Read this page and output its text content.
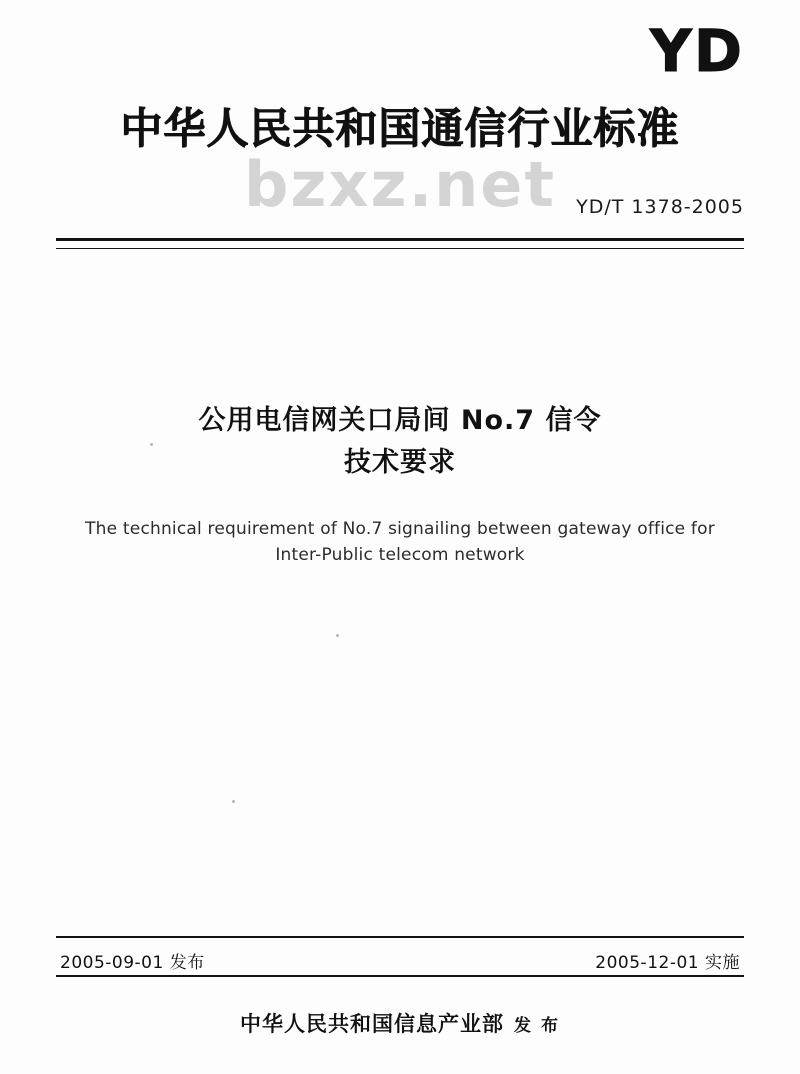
YD
中华人民共和国通信行业标准
bzxz.net	YD/T 1378-2005
公用电信网关口局间 No.7 信令
技术要求
The technical requirement of No.7 signailing between gateway office for
Inter-Public telecom network
2005-09-01 发布	2005-12-01 实施
中华人民共和国信息产业部 发 布
